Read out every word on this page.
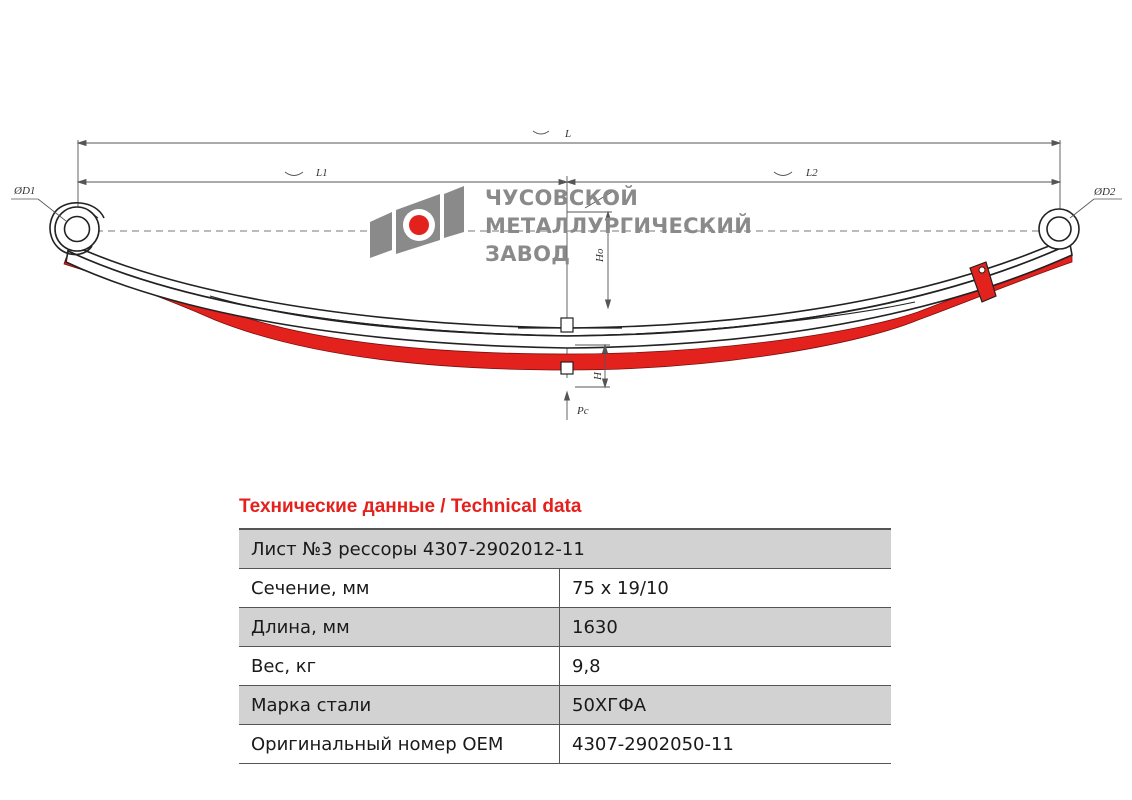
L
L1	L2
ØD1	ØD2
Ho
H
Pc
ЧУСОВСКОЙ
МЕТАЛЛУРГИЧЕСКИЙ
ЗАВОД
Технические данные / Technical data
Лист №3 рессоры 4307-2902012-11	
Сечение, мм	75 x 19/10
Длина, мм	1630
Вес, кг	9,8
Марка стали	50ХГФА
Оригинальный номер OEM	4307-2902050-11
